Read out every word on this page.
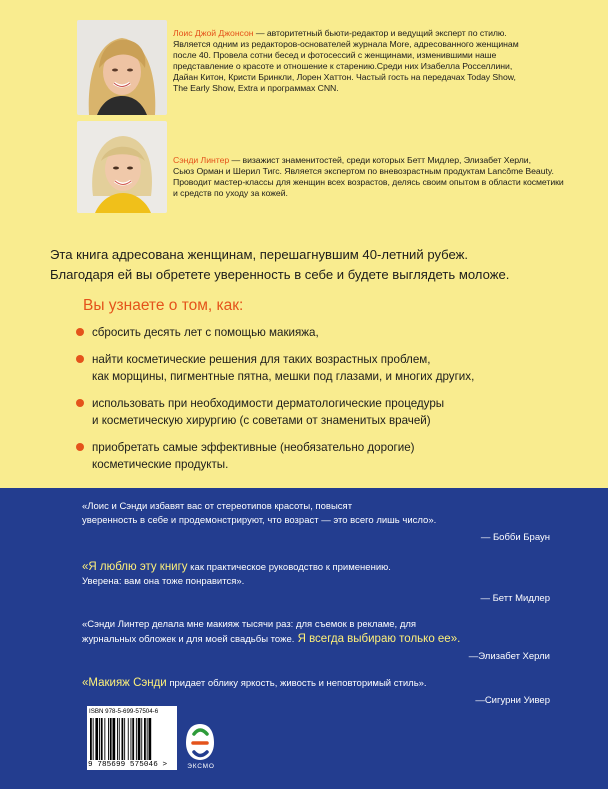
Лоис Джой Джонсон — авторитетный бьюти-редактор и ведущий эксперт по стилю.
Является одним из редакторов-основателей журнала More, адресованного женщинам
после 40. Провела сотни бесед и фотосессий с женщинами, изменившими наше
представление о красоте и отношение к старению.Среди них Изабелла Росселлини,
Дайан Китон, Кристи Бринкли, Лорен Хаттон. Частый гость на передачах Today Show,
The Early Show, Extra и программах CNN.
Сэнди Линтер — визажист знаменитостей, среди которых Бетт Мидлер, Элизабет Херли,
Сьюз Орман и Шерил Тигс. Является экспертом по вневозрастным продуктам Lancôme Beauty.
Проводит мастер-классы для женщин всех возрастов, делясь своим опытом в области косметики
и средств по уходу за кожей.
Эта книга адресована женщинам, перешагнувшим 40-летний рубеж.
Благодаря ей вы обретете уверенность в себе и будете выглядеть моложе.
Вы узнаете о том, как:
сбросить десять лет с помощью макияжа,
найти косметические решения для таких возрастных проблем,
как морщины, пигментные пятна, мешки под глазами, и многих других,
использовать при необходимости дерматологические процедуры
и косметическую хирургию (с советами от знаменитых врачей)
приобретать самые эффективные (необязательно дорогие)
косметические продукты.
«Лоис и Сэнди избавят вас от стереотипов красоты, повысят
уверенность в себе и продемонстрируют, что возраст — это всего лишь число».
— Бобби Браун
«Я люблю эту книгу как практическое руководство к применению.
Уверена: вам она тоже понравится».
— Бетт Мидлер
«Сэнди Линтер делала мне макияж тысячи раз: для съемок в рекламе, для
журнальных обложек и для моей свадьбы тоже. Я всегда выбираю только ее».
—Элизабет Херли
«Макияж Сэнди придает облику яркость, живость и неповторимый стиль».
—Сигурни Уивер
ISBN 978-5-699-57504-6
9 785699 575046 >	ЭКСМО
